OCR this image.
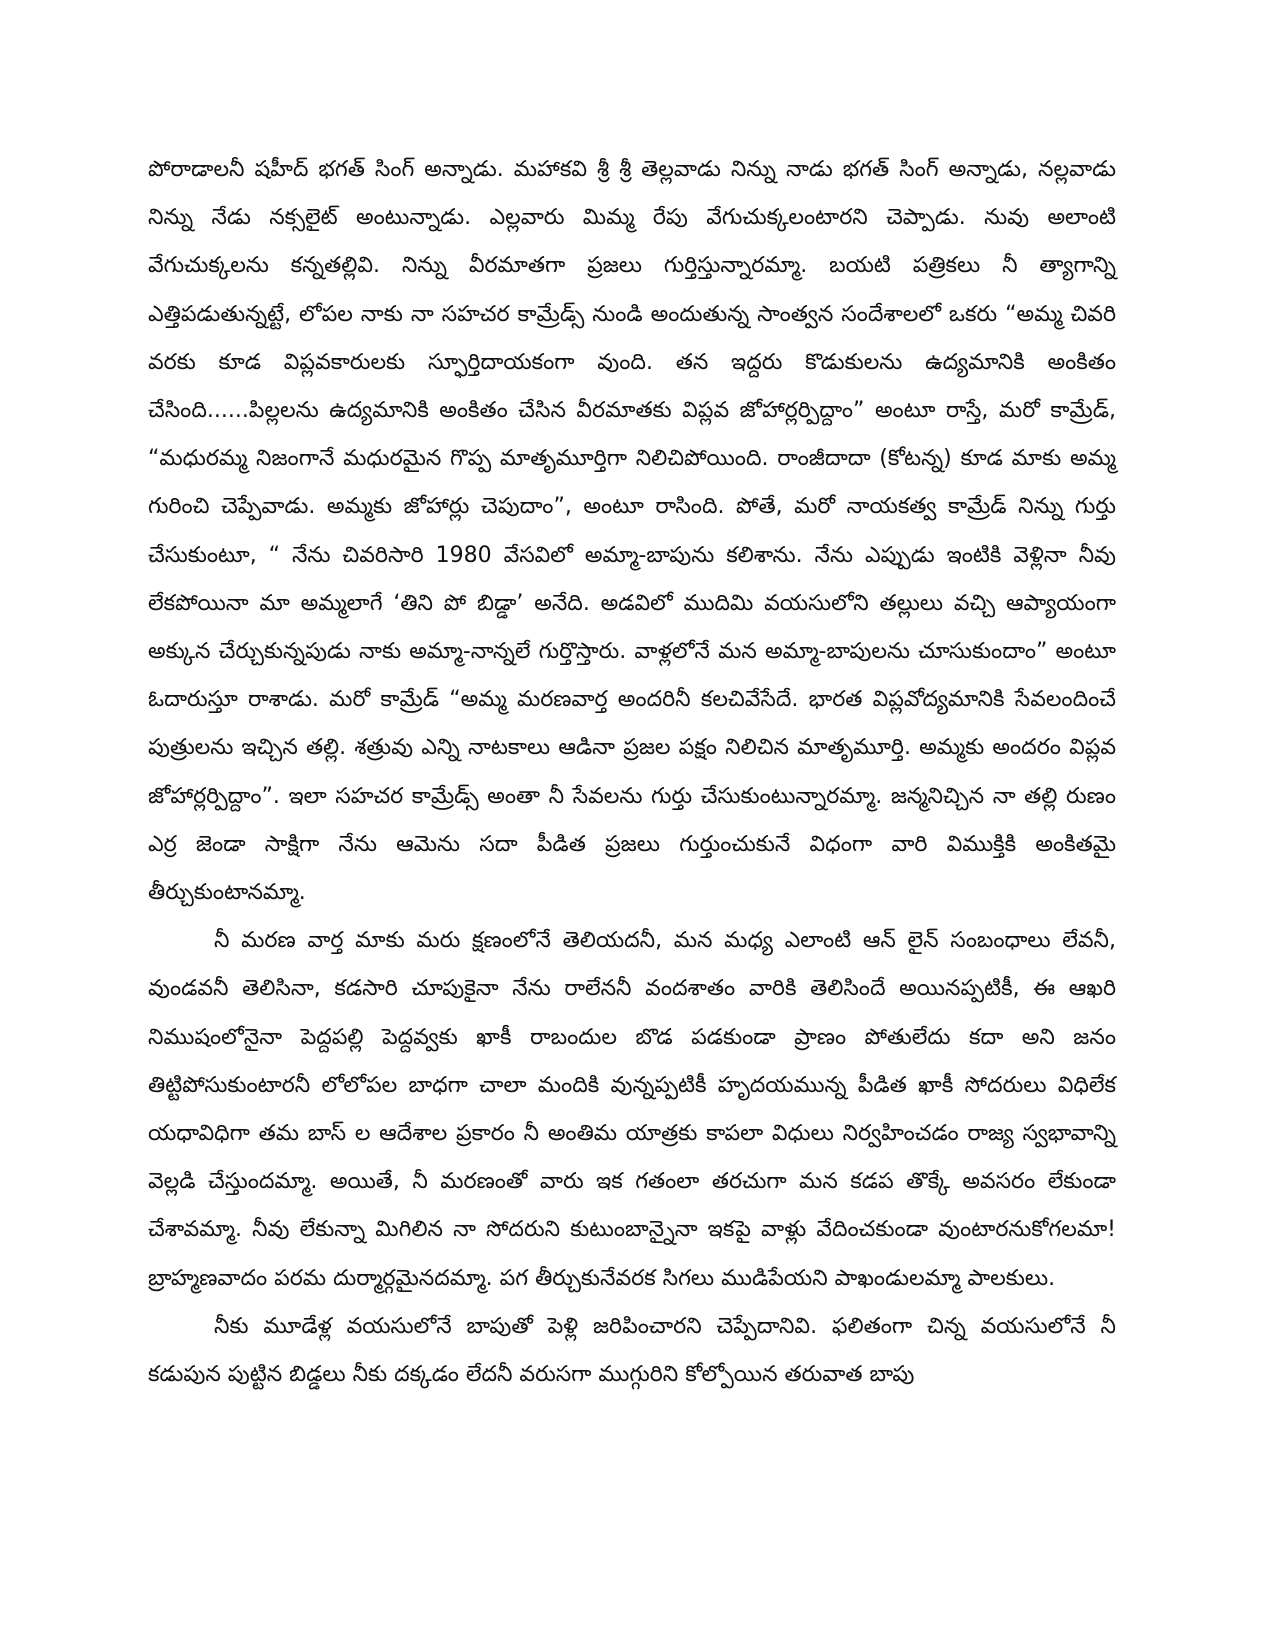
పోరాడాలనీ షహీద్ భగత్ సింగ్ అన్నాడు. మహాకవి శ్రీ శ్రీ తెల్లవాడు నిన్ను నాడు భగత్ సింగ్ అన్నాడు, నల్లవాడు నిన్ను నేడు నక్సలైట్ అంటున్నాడు. ఎల్లవారు మిమ్మ రేపు వేగుచుక్కలంటారని చెప్పాడు. నువు అలాంటి వేగుచుక్కలను కన్నతల్లివి. నిన్ను వీరమాతగా ప్రజలు గుర్తిస్తున్నారమ్మా. బయటి పత్రికలు నీ త్యాగాన్ని ఎత్తిపడుతున్నట్టే, లోపల నాకు నా సహచర కామ్రేడ్స్ నుండి అందుతున్న సాంత్వన సందేశాలలో ఒకరు “అమ్మ చివరి వరకు కూడ విప్లవకారులకు స్ఫూర్తిదాయకంగా వుంది. తన ఇద్దరు కొడుకులను ఉద్యమానికి అంకితం చేసింది......పిల్లలను ఉద్యమానికి అంకితం చేసిన వీరమాతకు విప్లవ జోహార్లర్పిద్దాం” అంటూ రాస్తే, మరో కామ్రేడ్, “మధురమ్మ నిజంగానే మధురమైన గొప్ప మాతృమూర్తిగా నిలిచిపోయింది. రాంజీదాదా (కోటన్న) కూడ మాకు అమ్మ గురించి చెప్పేవాడు. అమ్మకు జోహార్లు చెపుదాం”, అంటూ రాసింది. పోతే, మరో నాయకత్వ కామ్రేడ్ నిన్ను గుర్తు చేసుకుంటూ, “ నేను చివరిసారి 1980 వేసవిలో అమ్మా-బాపును కలిశాను. నేను ఎప్పుడు ఇంటికి వెళ్లినా నీవు లేకపోయినా మా అమ్మలాగే ‘తిని పో బిడ్డా’ అనేది. అడవిలో ముదిమి వయసులోని తల్లులు వచ్చి ఆప్యాయంగా అక్కున చేర్చుకున్నపుడు నాకు అమ్మా-నాన్నలే గుర్తొస్తారు. వాళ్లలోనే మన అమ్మా-బాపులను చూసుకుందాం” అంటూ ఓదారుస్తూ రాశాడు. మరో కామ్రేడ్ “అమ్మ మరణవార్త అందరినీ కలచివేసేదే. భారత విప్లవోద్యమానికి సేవలందించే పుత్రులను ఇచ్చిన తల్లి. శత్రువు ఎన్ని నాటకాలు ఆడినా ప్రజల పక్షం నిలిచిన మాతృమూర్తి. అమ్మకు అందరం విప్లవ జోహార్లర్పిద్దాం”. ఇలా సహచర కామ్రేడ్స్ అంతా నీ సేవలను గుర్తు చేసుకుంటున్నారమ్మా. జన్మనిచ్చిన నా తల్లి రుణం ఎర్ర జెండా సాక్షిగా నేను ఆమెను సదా పీడిత ప్రజలు గుర్తుంచుకునే విధంగా వారి విముక్తికి అంకితమై తీర్చుకుంటానమ్మా.

నీ మరణ వార్త మాకు మరు క్షణంలోనే తెలియదనీ, మన మధ్య ఎలాంటి ఆన్ లైన్ సంబంధాలు లేవనీ, వుండవనీ తెలిసినా, కడసారి చూపుకైనా నేను రాలేననీ వందశాతం వారికి తెలిసిందే అయినప్పటికీ, ఈ ఆఖరి నిముషంలోనైనా పెద్దపల్లి పెద్దవ్వకు ఖాకీ రాబందుల బొడ పడకుండా ప్రాణం పోతులేదు కదా అని జనం తిట్టిపోసుకుంటారనీ లోలోపల బాధగా చాలా మందికి వున్నప్పటికీ హృదయమున్న పీడిత ఖాకీ సోదరులు విధిలేక యధావిధిగా తమ బాస్ ల ఆదేశాల ప్రకారం నీ అంతిమ యాత్రకు కాపలా విధులు నిర్వహించడం రాజ్య స్వభావాన్ని వెల్లడి చేస్తుందమ్మా. అయితే, నీ మరణంతో వారు ఇక గతంలా తరచుగా మన కడప తొక్కే అవసరం లేకుండా చేశావమ్మా. నీవు లేకున్నా మిగిలిన నా సోదరుని కుటుంబాన్నైనా ఇకపై వాళ్లు వేదించకుండా వుంటారనుకోగలమా! బ్రాహ్మణవాదం పరమ దుర్మార్గమైనదమ్మా. పగ తీర్చుకునేవరక సిగలు ముడిపేయని పాఖండులమ్మా పాలకులు.

నీకు మూడేళ్ల వయసులోనే బాపుతో పెళ్లి జరిపించారని చెప్పేదానివి. ఫలితంగా చిన్న వయసులోనే నీ కడుపున పుట్టిన బిడ్డలు నీకు దక్కడం లేదనీ వరుసగా ముగ్గురిని కోల్పోయిన తరువాత బాపు
